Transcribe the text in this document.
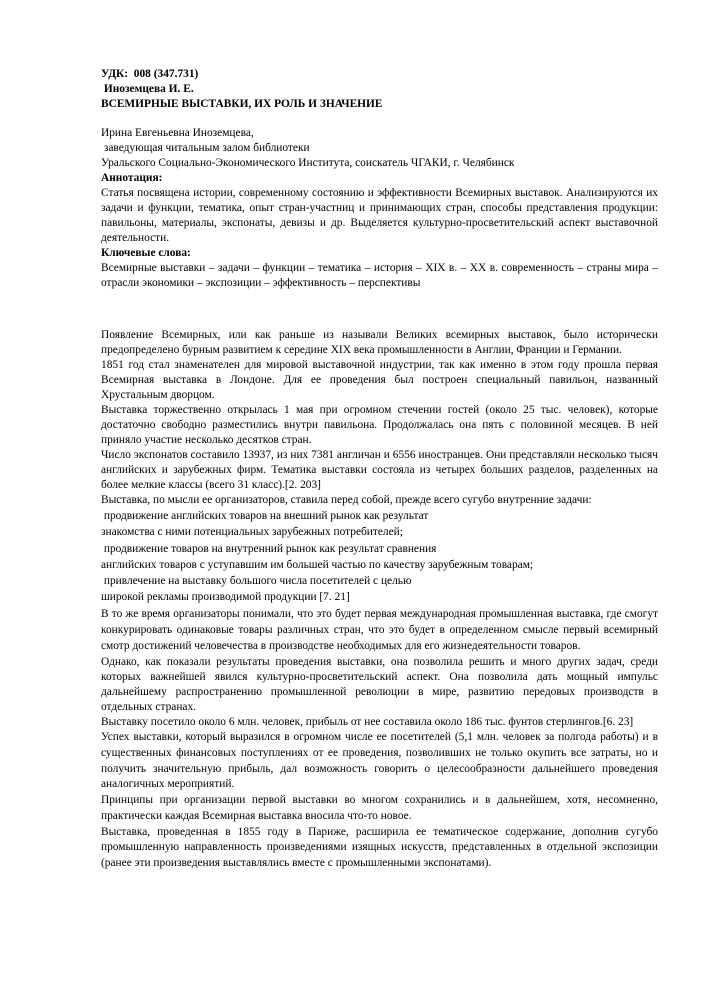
УДК:  008 (347.731)
Иноземцева И. Е.
ВСЕМИРНЫЕ ВЫСТАВКИ, ИХ РОЛЬ И ЗНАЧЕНИЕ
Ирина Евгеньевна Иноземцева,
заведующая читальным залом библиотеки
Уральского Социально-Экономического Института, соискатель ЧГАКИ, г. Челябинск
Аннотация:
Статья посвящена истории, современному состоянию и эффективности Всемирных выставок. Анализируются их задачи и функции, тематика, опыт стран-участниц и принимающих стран, способы представления продукции: павильоны, материалы, экспонаты, девизы и др. Выделяется культурно-просветительский аспект выставочной деятельности.
Ключевые слова:
Всемирные выставки – задачи – функции – тематика – история – XIX в. – XX в. современность – страны мира – отрасли экономики – экспозиции – эффективность – перспективы

Появление Всемирных, или как раньше из называли Великих всемирных выставок, было исторически предопределено бурным развитием к середине XIX века промышленности в Англии, Франции и Германии.

1851 год стал знаменателен для мировой выставочной индустрии, так как именно в этом году прошла первая Всемирная выставка в Лондоне. Для ее проведения был построен специальный павильон, названный Хрустальным дворцом.

Выставка торжественно открылась 1 мая при огромном стечении гостей (около 25 тыс. человек), которые достаточно свободно разместились внутри павильона. Продолжалась она пять с половиной месяцев. В ней приняло участие несколько десятков стран.

Число экспонатов составило 13937, из них 7381 англичан и 6556 иностранцев. Они представляли несколько тысяч английских и зарубежных фирм. Тематика выставки состояла из четырех больших разделов, разделенных на более мелкие классы (всего 31 класс).[2. 203]

Выставка, по мысли ее организаторов, ставила перед собой, прежде всего сугубо внутренние задачи:

продвижение английских товаров на внешний рынок как результат

знакомства с ними потенциальных зарубежных потребителей;

продвижение товаров на внутренний рынок как результат сравнения

английских товаров с уступавшим им большей частью по качеству зарубежным товарам;

привлечение на выставку большого числа посетителей с целью

широкой рекламы производимой продукции [7. 21]

В то же время организаторы понимали, что это будет первая международная промышленная выставка, где смогут конкурировать одинаковые товары различных стран, что это будет в определенном смысле первый всемирный смотр достижений человечества в производстве необходимых для его жизнедеятельности товаров.

Однако, как показали результаты проведения выставки, она позволила решить и много других задач, среди которых важнейшей явился культурно-просветительский аспект. Она позволила дать мощный импульс дальнейшему распространению промышленной революции в мире, развитию передовых производств в отдельных странах.

Выставку посетило около 6 млн. человек, прибыль от нее составила около 186 тыс. фунтов стерлингов.[6. 23]

Успех выставки, который выразился в огромном числе ее посетителей (5,1 млн. человек за полгода работы) и в существенных финансовых поступлениях от ее проведения, позволивших не только окупить все затраты, но и получить значительную прибыль, дал возможность говорить о целесообразности дальнейшего проведения аналогичных мероприятий.

Принципы при организации первой выставки во многом сохранились и в дальнейшем, хотя, несомненно, практически каждая Всемирная выставка вносила что-то новое.

Выставка, проведенная в 1855 году в Париже, расширила ее тематическое содержание, дополнив сугубо промышленную направленность произведениями изящных искусств, представленных в отдельной экспозиции (ранее эти произведения выставлялись вместе с промышленными экспонатами).
